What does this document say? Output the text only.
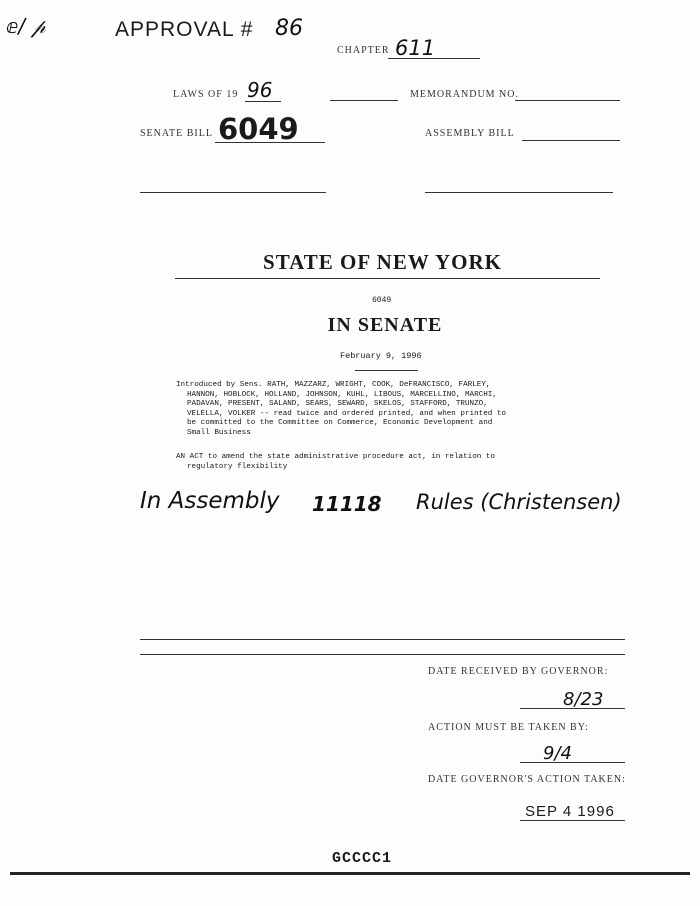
ⅇ/ 𝓅	APPROVAL # 86
CHAPTER 611
LAWS OF 19 96	MEMORANDUM NO.
SENATE BILL 6049	ASSEMBLY BILL
STATE OF NEW YORK
6049
IN SENATE
February 9, 1996
Introduced by Sens. RATH, MAZZARZ, WRIGHT, COOK, DeFRANCISCO, FARLEY,
HANNON, HOBLOCK, HOLLAND, JOHNSON, KUHL, LIBOUS, MARCELLINO, MARCHI,
PADAVAN, PRESENT, SALAND, SEARS, SEWARD, SKELOS, STAFFORD, TRUNZO,
VELELLA, VOLKER -- read twice and ordered printed, and when printed to
be committed to the Committee on Commerce, Economic Development and
Small Business
AN ACT to amend the state administrative procedure act, in relation to
regulatory flexibility
In Assembly 11118 Rules (Christensen)
DATE RECEIVED BY GOVERNOR:
8/23
ACTION MUST BE TAKEN BY:
9/4
DATE GOVERNOR'S ACTION TAKEN:
SEP 4 1996
GCCCC1
